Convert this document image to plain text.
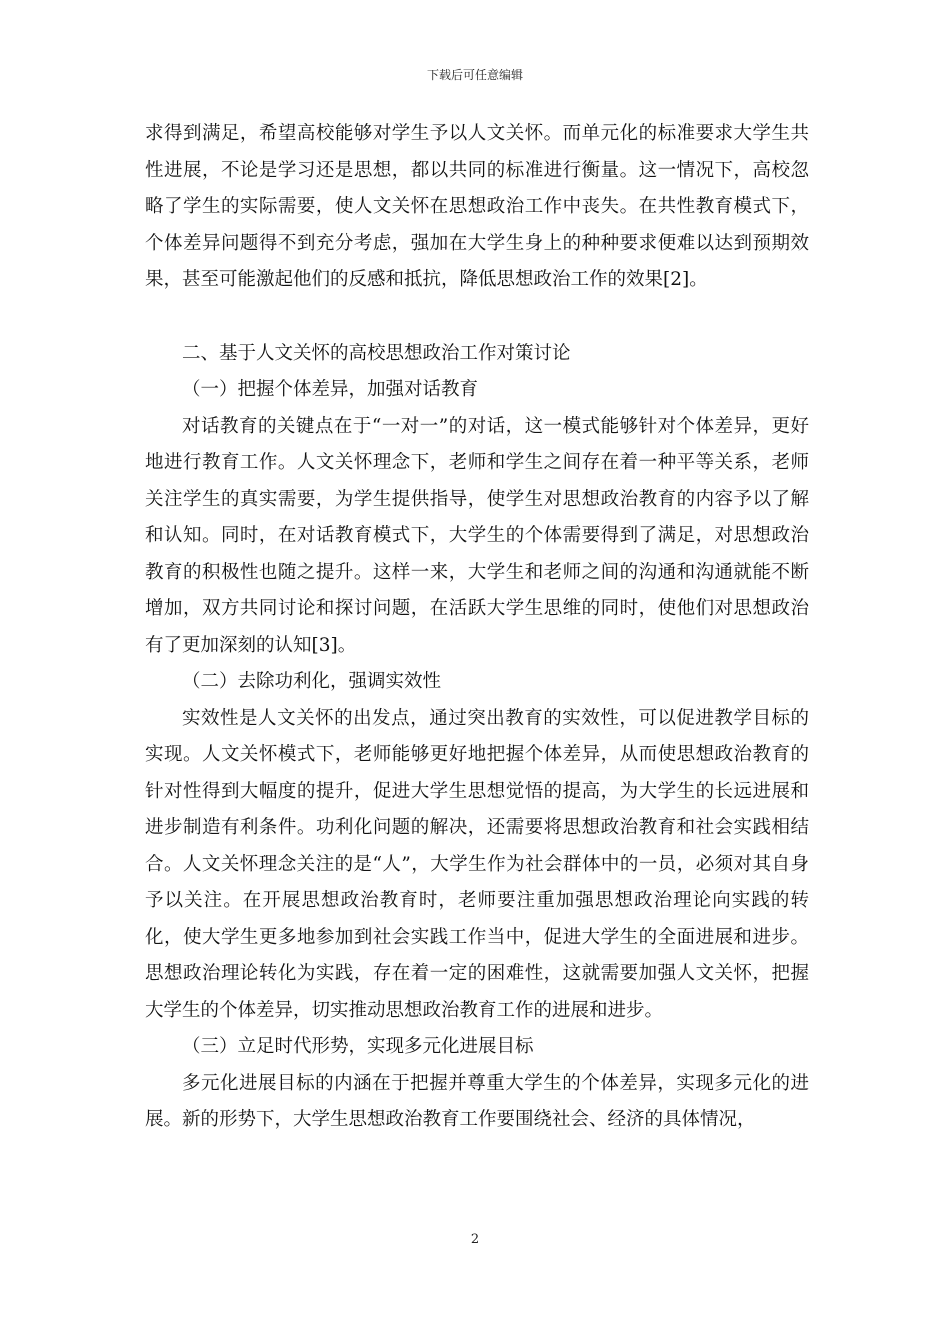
下载后可任意编辑

求得到满足，希望高校能够对学生予以人文关怀。而单元化的标准要求大学生共性进展，不论是学习还是思想，都以共同的标准进行衡量。这一情况下，高校忽略了学生的实际需要，使人文关怀在思想政治工作中丧失。在共性教育模式下，个体差异问题得不到充分考虑，强加在大学生身上的种种要求便难以达到预期效果，甚至可能激起他们的反感和抵抗，降低思想政治工作的效果[2]。

二、基于人文关怀的高校思想政治工作对策讨论

（一）把握个体差异，加强对话教育

对话教育的关键点在于“一对一”的对话，这一模式能够针对个体差异，更好地进行教育工作。人文关怀理念下，老师和学生之间存在着一种平等关系，老师关注学生的真实需要，为学生提供指导，使学生对思想政治教育的内容予以了解和认知。同时，在对话教育模式下，大学生的个体需要得到了满足，对思想政治教育的积极性也随之提升。这样一来，大学生和老师之间的沟通和沟通就能不断增加，双方共同讨论和探讨问题，在活跃大学生思维的同时，使他们对思想政治有了更加深刻的认知[3]。

（二）去除功利化，强调实效性

实效性是人文关怀的出发点，通过突出教育的实效性，可以促进教学目标的实现。人文关怀模式下，老师能够更好地把握个体差异，从而使思想政治教育的针对性得到大幅度的提升，促进大学生思想觉悟的提高，为大学生的长远进展和进步制造有利条件。功利化问题的解决，还需要将思想政治教育和社会实践相结合。人文关怀理念关注的是“人”，大学生作为社会群体中的一员，必须对其自身予以关注。在开展思想政治教育时，老师要注重加强思想政治理论向实践的转化，使大学生更多地参加到社会实践工作当中，促进大学生的全面进展和进步。思想政治理论转化为实践，存在着一定的困难性，这就需要加强人文关怀，把握大学生的个体差异，切实推动思想政治教育工作的进展和进步。

（三）立足时代形势，实现多元化进展目标

多元化进展目标的内涵在于把握并尊重大学生的个体差异，实现多元化的进展。新的形势下，大学生思想政治教育工作要围绕社会、经济的具体情况，

2
